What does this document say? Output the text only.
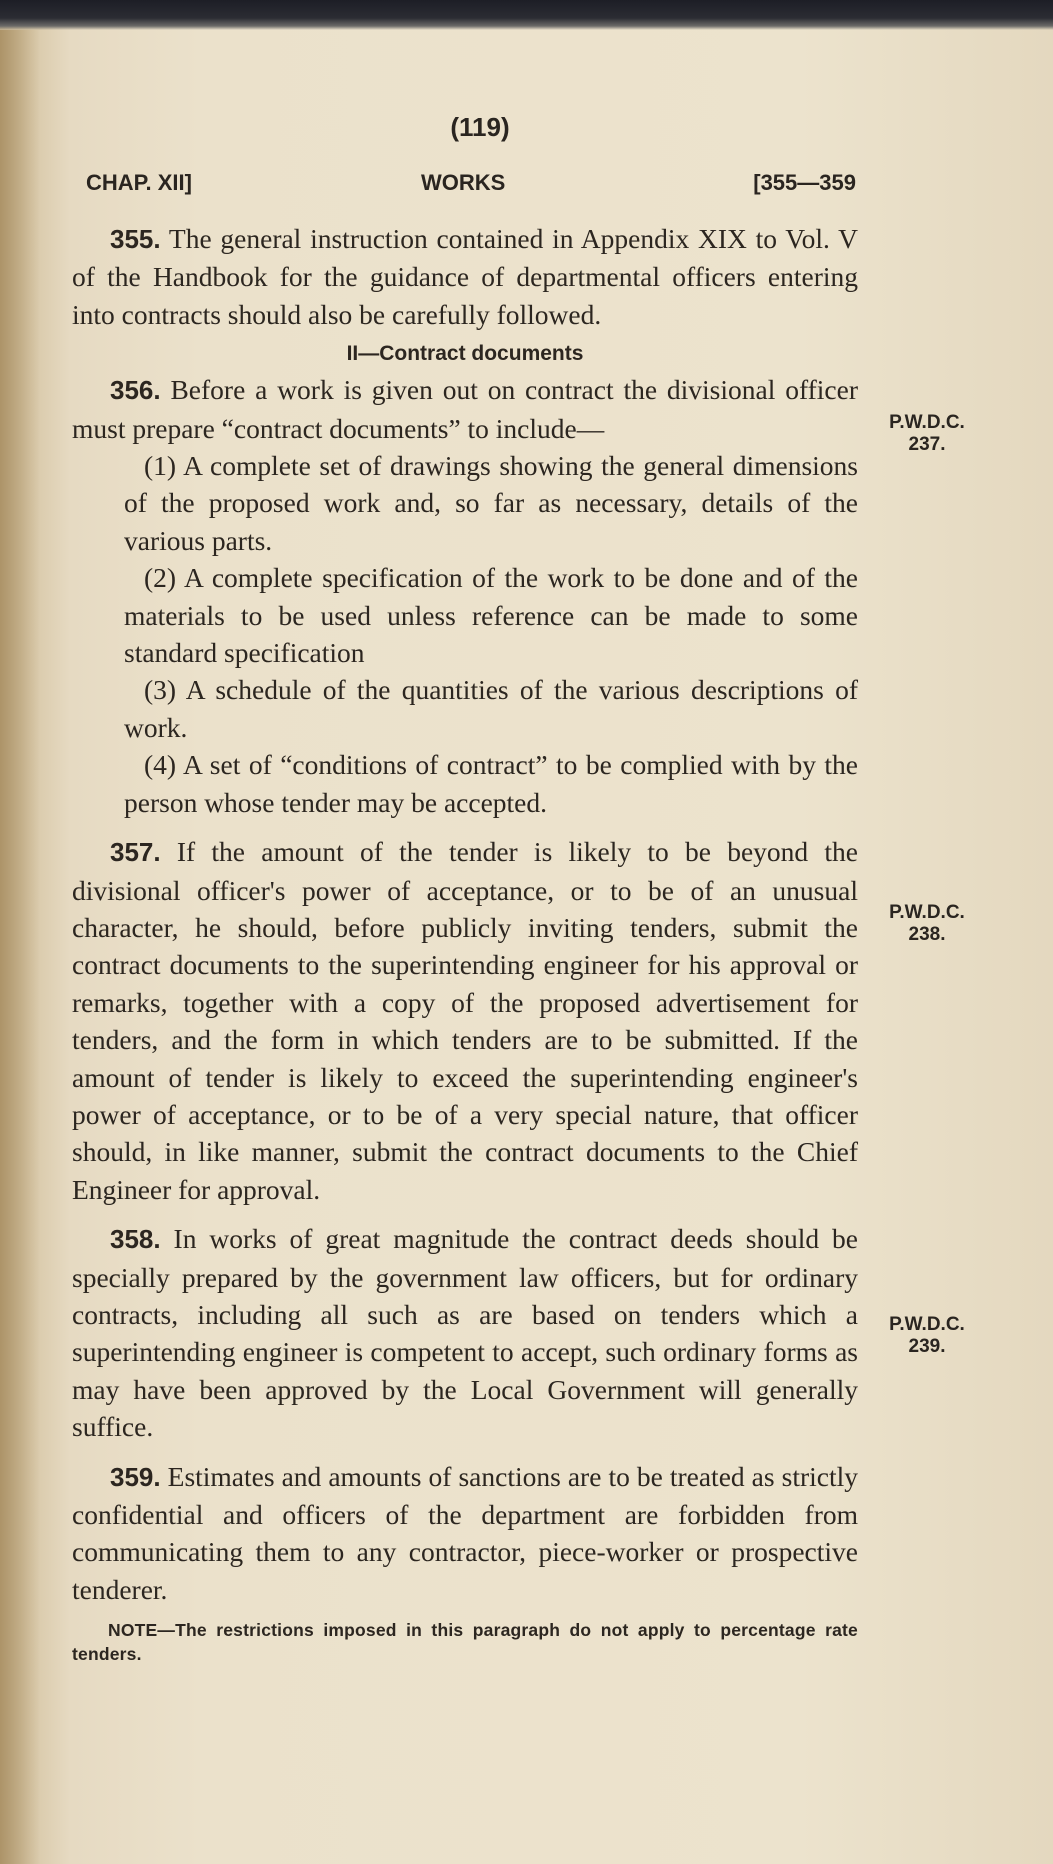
(119)
CHAP. XII]	WORKS	[355—359

355. The general instruction contained in Appendix XIX to Vol. V of the Handbook for the guidance of departmental officers entering into contracts should also be carefully followed.

II—Contract documents

356. Before a work is given out on contract the divisional officer must prepare “contract documents” to include—

(1) A complete set of drawings showing the general dimensions of the proposed work and, so far as necessary, details of the various parts.

(2) A complete specification of the work to be done and of the materials to be used unless reference can be made to some standard specification

(3) A schedule of the quantities of the various descriptions of work.

(4) A set of “conditions of contract” to be complied with by the person whose tender may be accepted.

357. If the amount of the tender is likely to be beyond the divisional officer's power of acceptance, or to be of an unusual character, he should, before publicly inviting tenders, submit the contract documents to the superintending engineer for his approval or remarks, together with a copy of the proposed advertisement for tenders, and the form in which tenders are to be submitted. If the amount of tender is likely to exceed the superintending engineer's power of acceptance, or to be of a very special nature, that officer should, in like manner, submit the contract documents to the Chief Engineer for approval.

358. In works of great magnitude the contract deeds should be specially prepared by the government law officers, but for ordinary contracts, including all such as are based on tenders which a superintending engineer is competent to accept, such ordinary forms as may have been approved by the Local Government will generally suffice.

359. Estimates and amounts of sanctions are to be treated as strictly confidential and officers of the department are forbidden from communicating them to any contractor, piece-worker or prospective tenderer.

NOTE—The restrictions imposed in this paragraph do not apply to percentage rate tenders.

P.W.D.C.
237.
P.W.D.C.
238.
P.W.D.C.
239.
